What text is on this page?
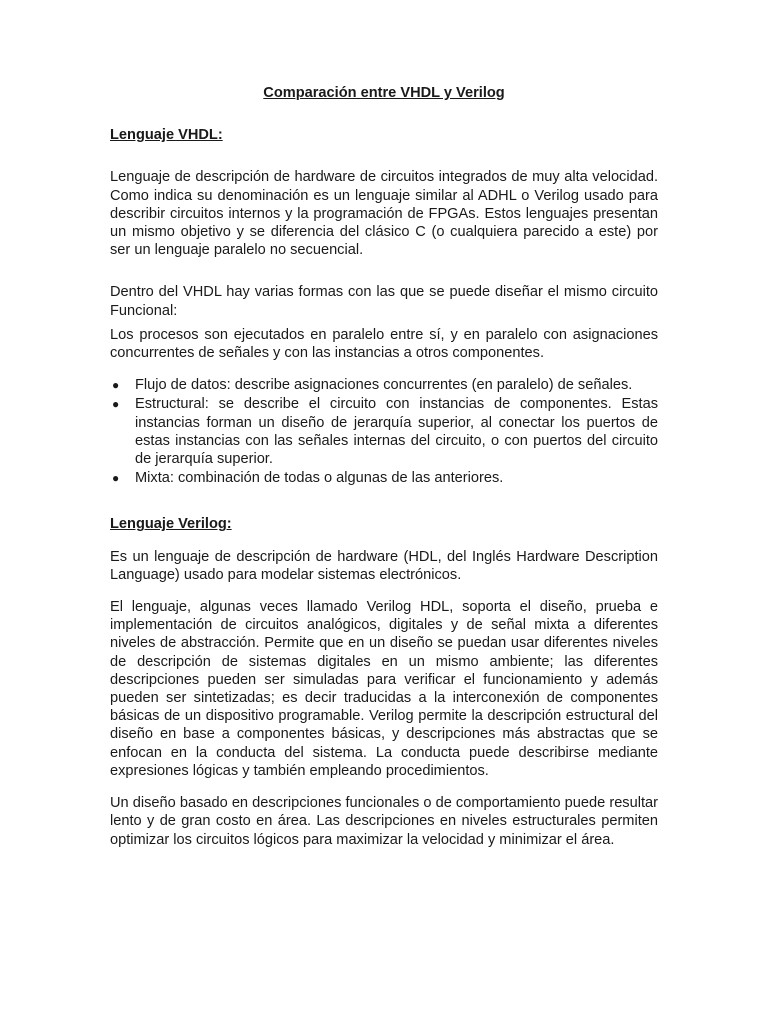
Comparación entre VHDL y Verilog
Lenguaje VHDL:

Lenguaje de descripción de hardware de circuitos integrados de muy alta velocidad. Como indica su denominación es un lenguaje similar al ADHL o Verilog usado para describir circuitos internos y la programación de FPGAs. Estos lenguajes presentan un mismo objetivo y se diferencia del clásico C (o cualquiera parecido a este) por ser un lenguaje paralelo no secuencial.

Dentro del VHDL hay varias formas con las que se puede diseñar el mismo circuito Funcional:

Los procesos son ejecutados en paralelo entre sí, y en paralelo con asignaciones concurrentes de señales y con las instancias a otros componentes.

● Flujo de datos: describe asignaciones concurrentes (en paralelo) de señales.
● Estructural: se describe el circuito con instancias de componentes. Estas instancias forman un diseño de jerarquía superior, al conectar los puertos de estas instancias con las señales internas del circuito, o con puertos del circuito de jerarquía superior.
● Mixta: combinación de todas o algunas de las anteriores.
Lenguaje Verilog:

Es un lenguaje de descripción de hardware (HDL, del Inglés Hardware Description Language) usado para modelar sistemas electrónicos.

El lenguaje, algunas veces llamado Verilog HDL, soporta el diseño, prueba e implementación de circuitos analógicos, digitales y de señal mixta a diferentes niveles de abstracción. Permite que en un diseño se puedan usar diferentes niveles de descripción de sistemas digitales en un mismo ambiente; las diferentes descripciones pueden ser simuladas para verificar el funcionamiento y además pueden ser sintetizadas; es decir traducidas a la interconexión de componentes básicas de un dispositivo programable. Verilog permite la descripción estructural del diseño en base a componentes básicas, y descripciones más abstractas que se enfocan en la conducta del sistema. La conducta puede describirse mediante expresiones lógicas y también empleando procedimientos.

Un diseño basado en descripciones funcionales o de comportamiento puede resultar lento y de gran costo en área. Las descripciones en niveles estructurales permiten optimizar los circuitos lógicos para maximizar la velocidad y minimizar el área.
